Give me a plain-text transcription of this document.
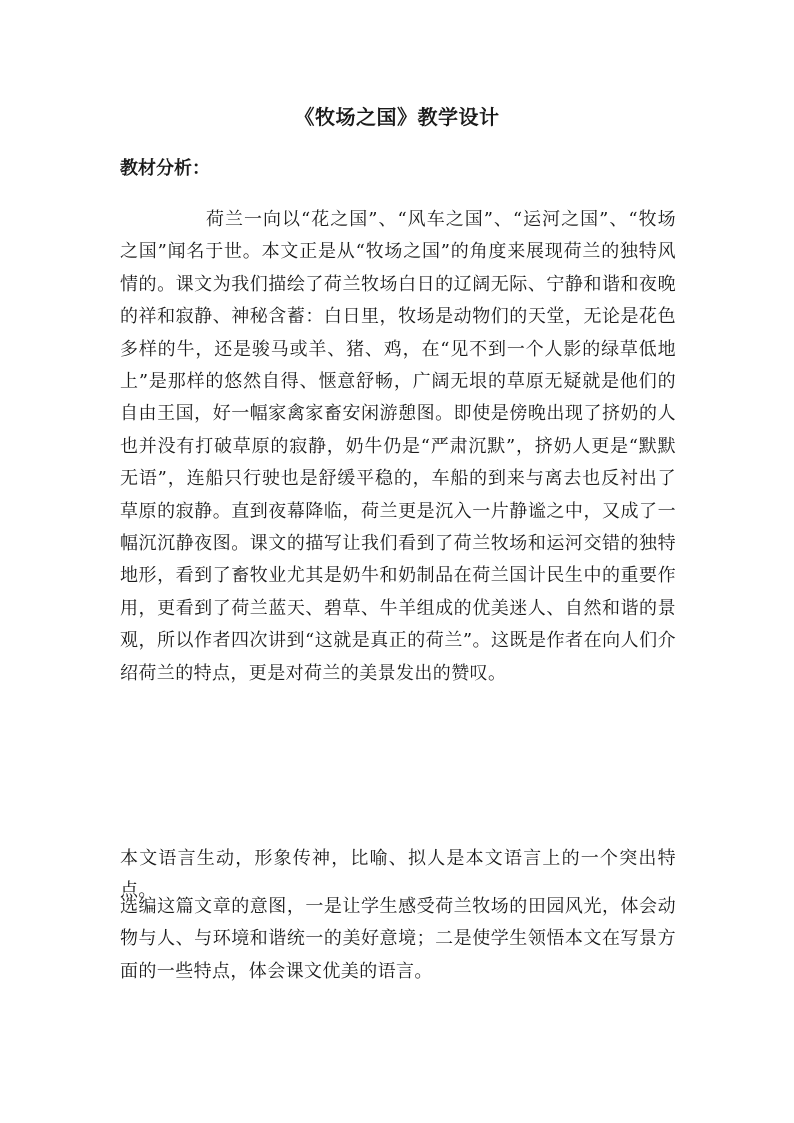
《牧场之国》教学设计
教材分析：

荷兰一向以“花之国”、“风车之国”、“运河之国”、“牧场之国”闻名于世。本文正是从“牧场之国”的角度来展现荷兰的独特风情的。课文为我们描绘了荷兰牧场白日的辽阔无际、宁静和谐和夜晚的祥和寂静、神秘含蓄：白日里，牧场是动物们的天堂，无论是花色多样的牛，还是骏马或羊、猪、鸡，在“见不到一个人影的绿草低地上”是那样的悠然自得、惬意舒畅，广阔无垠的草原无疑就是他们的自由王国，好一幅家禽家畜安闲游憩图。即使是傍晚出现了挤奶的人也并没有打破草原的寂静，奶牛仍是“严肃沉默”，挤奶人更是“默默无语”，连船只行驶也是舒缓平稳的，车船的到来与离去也反衬出了草原的寂静。直到夜幕降临，荷兰更是沉入一片静谧之中，又成了一幅沉沉静夜图。课文的描写让我们看到了荷兰牧场和运河交错的独特地形，看到了畜牧业尤其是奶牛和奶制品在荷兰国计民生中的重要作用，更看到了荷兰蓝天、碧草、牛羊组成的优美迷人、自然和谐的景观，所以作者四次讲到“这就是真正的荷兰”。这既是作者在向人们介绍荷兰的特点，更是对荷兰的美景发出的赞叹。

本文语言生动，形象传神，比喻、拟人是本文语言上的一个突出特点。

选编这篇文章的意图，一是让学生感受荷兰牧场的田园风光，体会动物与人、与环境和谐统一的美好意境；二是使学生领悟本文在写景方面的一些特点，体会课文优美的语言。
